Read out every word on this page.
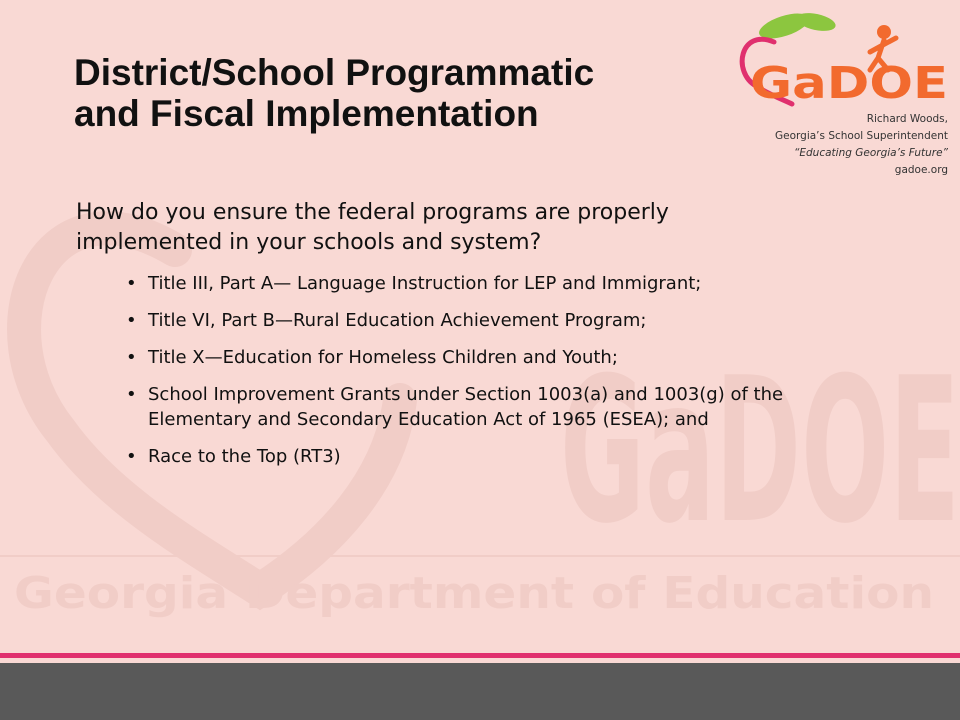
GaDOE
Georgia Department of Education
District/School Programmatic
and Fiscal Implementation
GaDOE
Richard Woods,
Georgia’s School Superintendent
“Educating Georgia’s Future”
gadoe.org

How do you ensure the federal programs are properly implemented in your schools and system?

• Title III, Part A— Language Instruction for LEP and Immigrant;
• Title VI, Part B—Rural Education Achievement Program;
• Title X—Education for Homeless Children and Youth;
• School Improvement Grants under Section 1003(a) and 1003(g) of the Elementary and Secondary Education Act of 1965 (ESEA); and
• Race to the Top (RT3)
